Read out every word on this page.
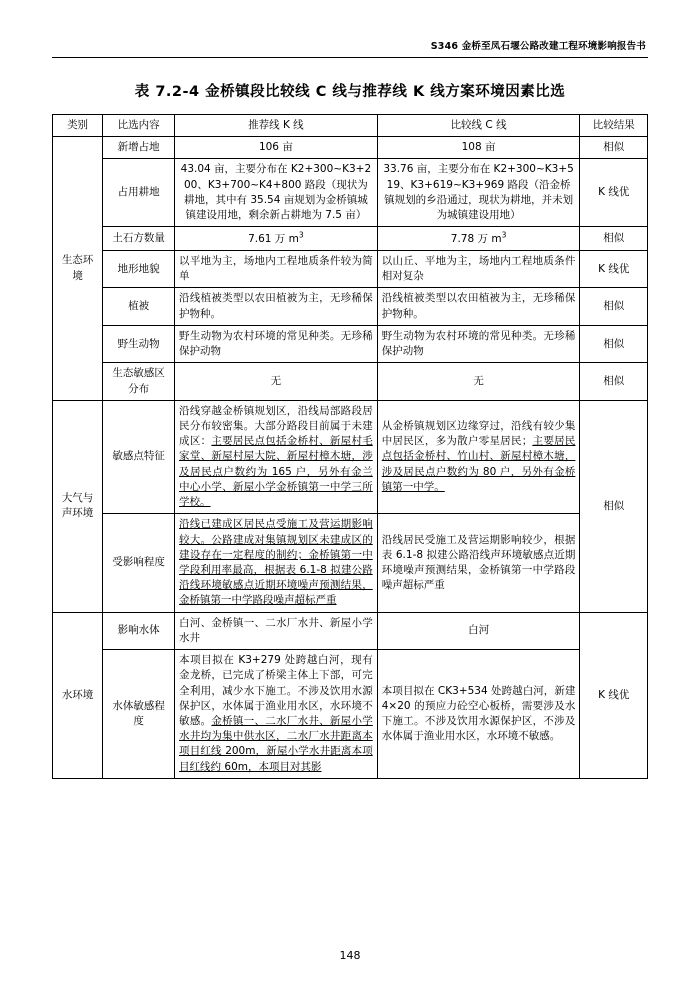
S346 金桥至凤石堰公路改建工程环境影响报告书
表 7.2-4 金桥镇段比较线 C 线与推荐线 K 线方案环境因素比选
类别	比选内容	推荐线 K 线	比较线 C 线	比较结果
生态环境	新增占地	106 亩	108 亩	相似
	占用耕地	43.04 亩，主要分布在 K2+300~K3+200、K3+700~K4+800 路段（现状为耕地，其中有 35.54 亩规划为金桥镇城镇建设用地，剩余新占耕地为 7.5 亩）	33.76 亩，主要分布在 K2+300~K3+519、K3+619~K3+969 路段（沿金桥镇规划的乡沿通过，现状为耕地，并未划为城镇建设用地）	K 线优
	土石方数量	7.61 万 $m^3$	7.78 万 $m^3$	相似
	地形地貌	以平地为主，场地内工程地质条件较为简单	以山丘、平地为主，场地内工程地质条件相对复杂	K 线优
	植被	沿线植被类型以农田植被为主，无珍稀保护物种。	沿线植被类型以农田植被为主，无珍稀保护物种。	相似
	野生动物	野生动物为农村环境的常见种类。无珍稀保护动物	野生动物为农村环境的常见种类。无珍稀保护动物	相似
	生态敏感区分布	无	无	相似
大气与声环境	敏感点特征	沿线穿越金桥镇规划区，沿线局部路段居民分布较密集。大部分路段目前属于未建成区：主要居民点包括金桥村、新屋村毛家堂、新屋村屋大院、新屋村樟木塘，涉及居民点户数约为 165 户，另外有金兰中心小学、新屋小学金桥镇第一中学三所学校。	从金桥镇规划区边缘穿过，沿线有较少集中居民区，多为散户零星居民；主要居民点包括金桥村、竹山村、新屋村樟木塘，涉及居民点户数约为 80 户，另外有金桥镇第一中学。	相似
	受影响程度	沿线已建成区居民点受施工及营运期影响较大。公路建成对集镇规划区未建成区的建设存在一定程度的制约；金桥镇第一中学段利用率最高，根据表 6.1-8 拟建公路沿线环境敏感点近期环境噪声预测结果，金桥镇第一中学路段噪声超标严重	沿线居民受施工及营运期影响较少，根据表 6.1-8 拟建公路沿线声环境敏感点近期环境噪声预测结果，金桥镇第一中学路段噪声超标严重	
水环境	影响水体	白河、金桥镇一、二水厂水井、新屋小学水井	白河	K 线优
	水体敏感程度	本项目拟在 K3+279 处跨越白河，现有金龙桥，已完成了桥梁主体上下部，可完全利用，减少水下施工。不涉及饮用水源保护区，水体属于渔业用水区，水环境不敏感。金桥镇一、二水厂水井、新屋小学水井均为集中供水区，二水厂水井距离本项目红线 200m，新屋小学水井距离本项目红线约 60m，本项目对其影	本项目拟在 CK3+534 处跨越白河，新建 4×20 的预应力砼空心板桥，需要涉及水下施工。不涉及饮用水源保护区，不涉及水体属于渔业用水区，水环境不敏感。	
148
